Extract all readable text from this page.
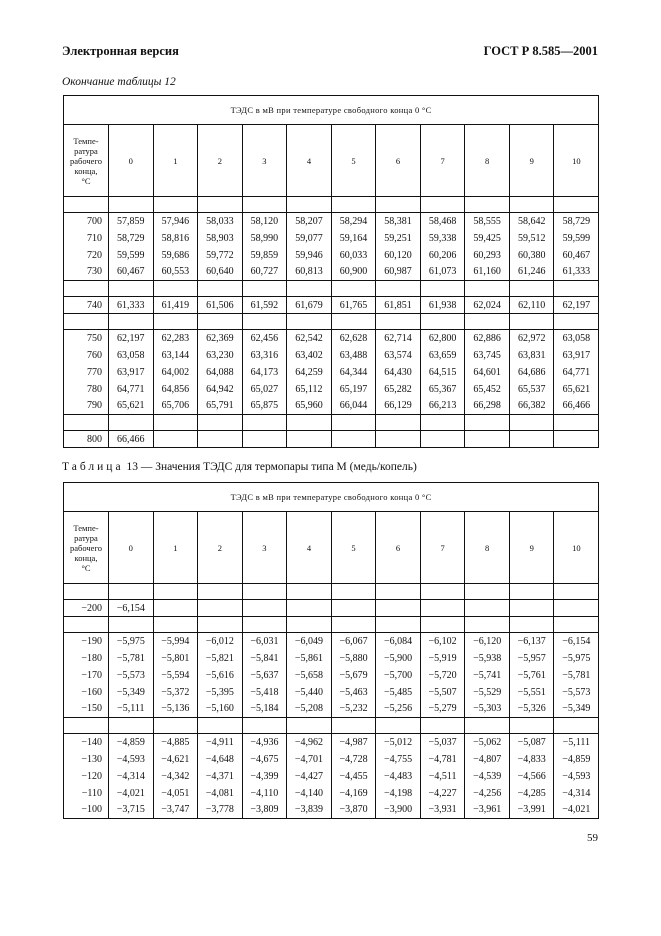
Электронная версия	ГОСТ Р 8.585—2001
Окончание таблицы 12
ТЭДС в мВ при температуре свободного конца 0 °С											

Темпе-
ратура
рабочего
конца,
°С	0	1	2	3	4	5	6	7	8	9	10

700	57,859	57,946	58,033	58,120	58,207	58,294	58,381	58,468	58,555	58,642	58,729
710	58,729	58,816	58,903	58,990	59,077	59,164	59,251	59,338	59,425	59,512	59,599
720	59,599	59,686	59,772	59,859	59,946	60,033	60,120	60,206	60,293	60,380	60,467
730	60,467	60,553	60,640	60,727	60,813	60,900	60,987	61,073	61,160	61,246	61,333

740	61,333	61,419	61,506	61,592	61,679	61,765	61,851	61,938	62,024	62,110	62,197

750	62,197	62,283	62,369	62,456	62,542	62,628	62,714	62,800	62,886	62,972	63,058
760	63,058	63,144	63,230	63,316	63,402	63,488	63,574	63,659	63,745	63,831	63,917
770	63,917	64,002	64,088	64,173	64,259	64,344	64,430	64,515	64,601	64,686	64,771
780	64,771	64,856	64,942	65,027	65,112	65,197	65,282	65,367	65,452	65,537	65,621
790	65,621	65,706	65,791	65,875	65,960	66,044	66,129	66,213	66,298	66,382	66,466

800	66,466										
Таблица 13 — Значения ТЭДС для термопары типа М (медь/копель)
ТЭДС в мВ при температуре свободного конца 0 °С											

Темпе-
ратура
рабочего
конца,
°С	0	1	2	3	4	5	6	7	8	9	10

−200	−6,154										

−190	−5,975	−5,994	−6,012	−6,031	−6,049	−6,067	−6,084	−6,102	−6,120	−6,137	−6,154
−180	−5,781	−5,801	−5,821	−5,841	−5,861	−5,880	−5,900	−5,919	−5,938	−5,957	−5,975
−170	−5,573	−5,594	−5,616	−5,637	−5,658	−5,679	−5,700	−5,720	−5,741	−5,761	−5,781
−160	−5,349	−5,372	−5,395	−5,418	−5,440	−5,463	−5,485	−5,507	−5,529	−5,551	−5,573
−150	−5,111	−5,136	−5,160	−5,184	−5,208	−5,232	−5,256	−5,279	−5,303	−5,326	−5,349

−140	−4,859	−4,885	−4,911	−4,936	−4,962	−4,987	−5,012	−5,037	−5,062	−5,087	−5,111
−130	−4,593	−4,621	−4,648	−4,675	−4,701	−4,728	−4,755	−4,781	−4,807	−4,833	−4,859
−120	−4,314	−4,342	−4,371	−4,399	−4,427	−4,455	−4,483	−4,511	−4,539	−4,566	−4,593
−110	−4,021	−4,051	−4,081	−4,110	−4,140	−4,169	−4,198	−4,227	−4,256	−4,285	−4,314
−100	−3,715	−3,747	−3,778	−3,809	−3,839	−3,870	−3,900	−3,931	−3,961	−3,991	−4,021
59
